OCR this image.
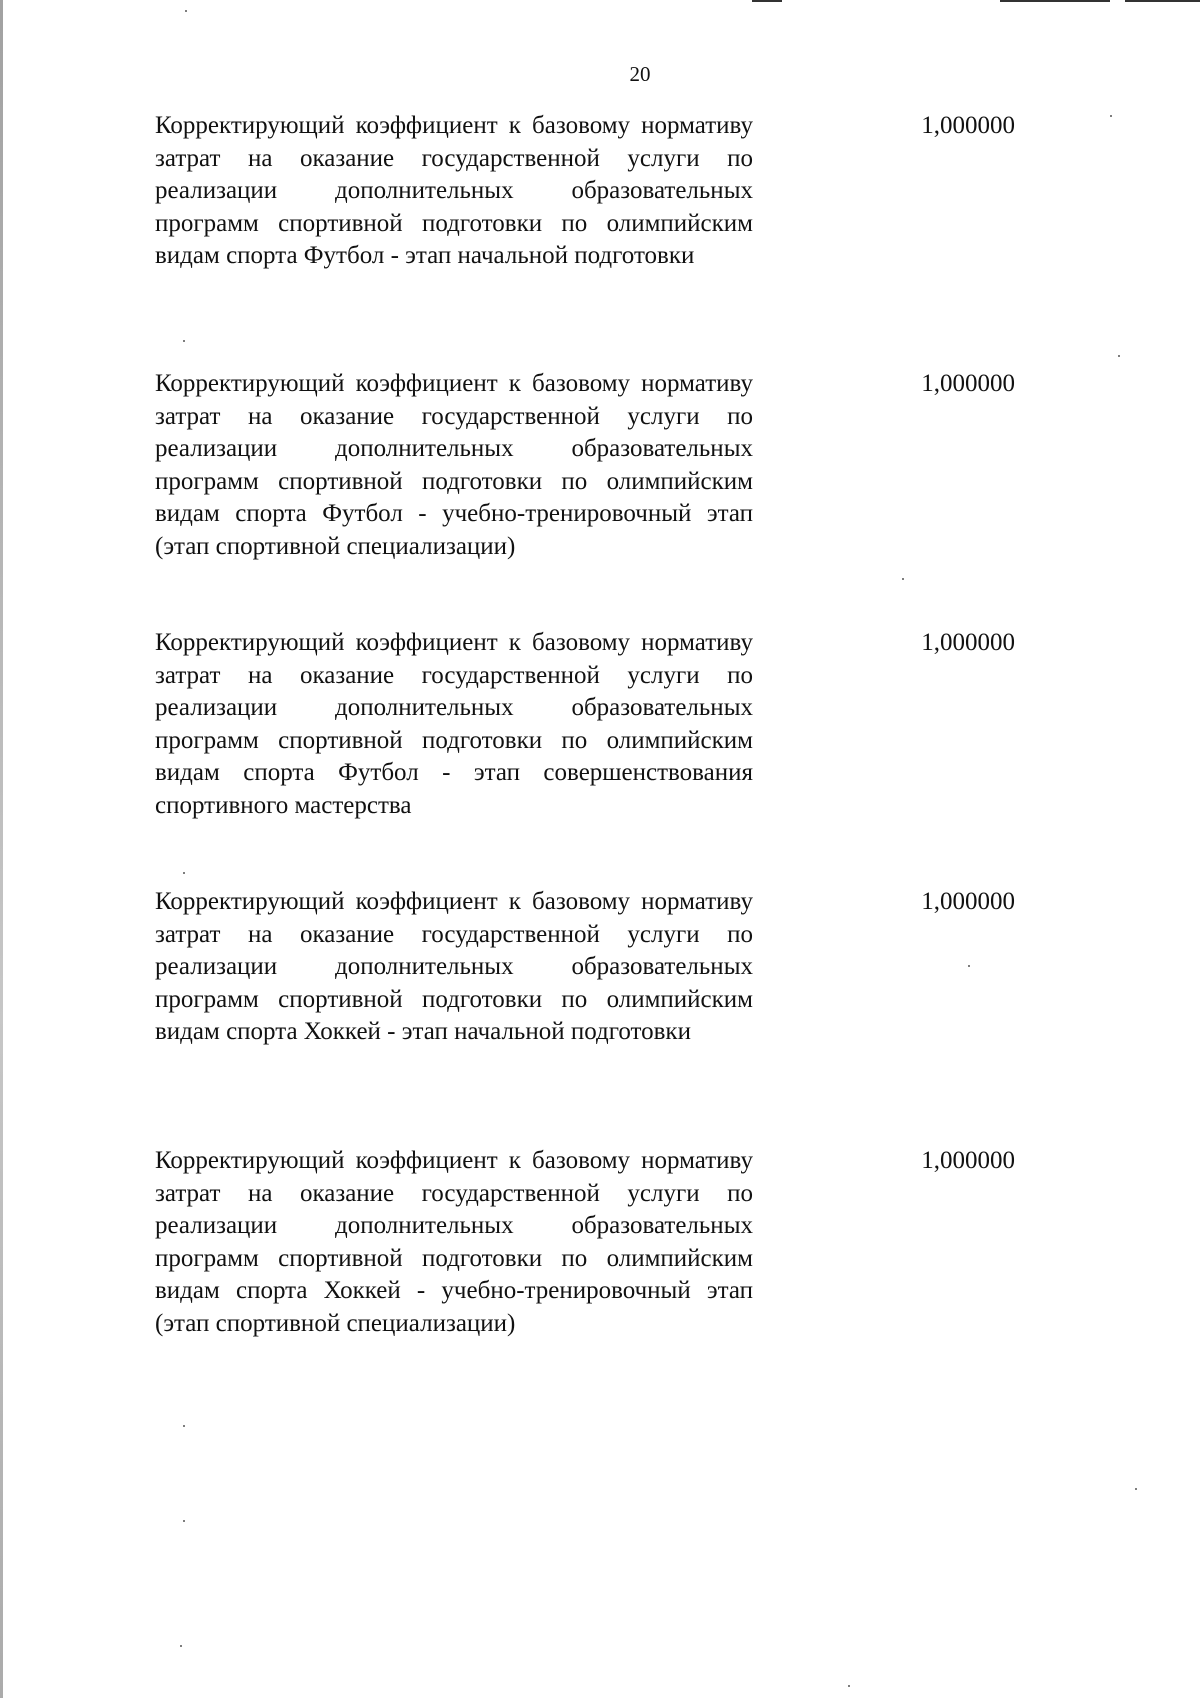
20
Корректирующий коэффициент к базовому нормативу затрат на оказание государственной услуги по реализации дополнительных образовательных программ спортивной подготовки по олимпийским видам спорта Футбол - этап начальной подготовки
1,000000
Корректирующий коэффициент к базовому нормативу затрат на оказание государственной услуги по реализации дополнительных образовательных программ спортивной подготовки по олимпийским видам спорта Футбол - учебно-тренировочный этап (этап спортивной специализации)
1,000000
Корректирующий коэффициент к базовому нормативу затрат на оказание государственной услуги по реализации дополнительных образовательных программ спортивной подготовки по олимпийским видам спорта Футбол - этап совершенствования спортивного мастерства
1,000000
Корректирующий коэффициент к базовому нормативу затрат на оказание государственной услуги по реализации дополнительных образовательных программ спортивной подготовки по олимпийским видам спорта Хоккей - этап начальной подготовки
1,000000
Корректирующий коэффициент к базовому нормативу затрат на оказание государственной услуги по реализации дополнительных образовательных программ спортивной подготовки по олимпийским видам спорта Хоккей - учебно-тренировочный этап (этап спортивной специализации)
1,000000
